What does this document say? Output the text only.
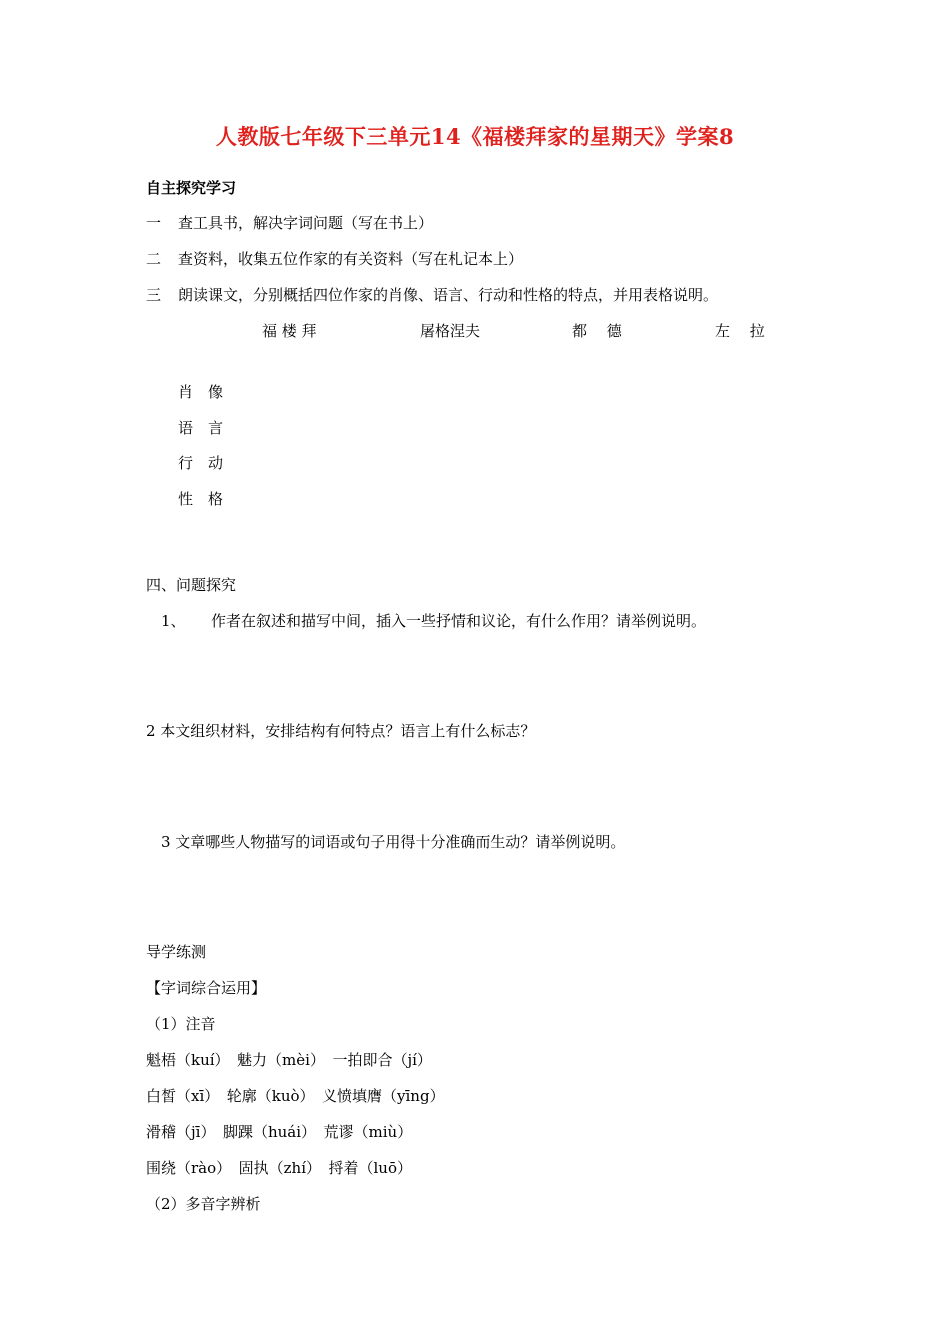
人教版七年级下三单元14《福楼拜家的星期天》学案8
自主探究学习
一 查工具书，解决字词问题（写在书上）
二 查资料，收集五位作家的有关资料（写在札记本上）
三 朗读课文，分别概括四位作家的肖像、语言、行动和性格的特点，并用表格说明。
福 楼 拜	屠格涅夫	都　 德	左　 拉
肖　像
语　言
行　动
性　格
四、问题探究
1、 作者在叙述和描写中间，插入一些抒情和议论，有什么作用？请举例说明。
2 本文组织材料，安排结构有何特点？语言上有什么标志？
3 文章哪些人物描写的词语或句子用得十分准确而生动？请举例说明。
导学练测
【字词综合运用】
（1）注音
魁梧（kuí）　魅力（mèi）　一拍即合（jí）
白皙（xī）　轮廓（kuò）　义愤填膺（yīng）
滑稽（jī）　脚踝（huái）　荒谬（miù）
围绕（rào）　固执（zhí）　捋着（luō）
（2）多音字辨析
